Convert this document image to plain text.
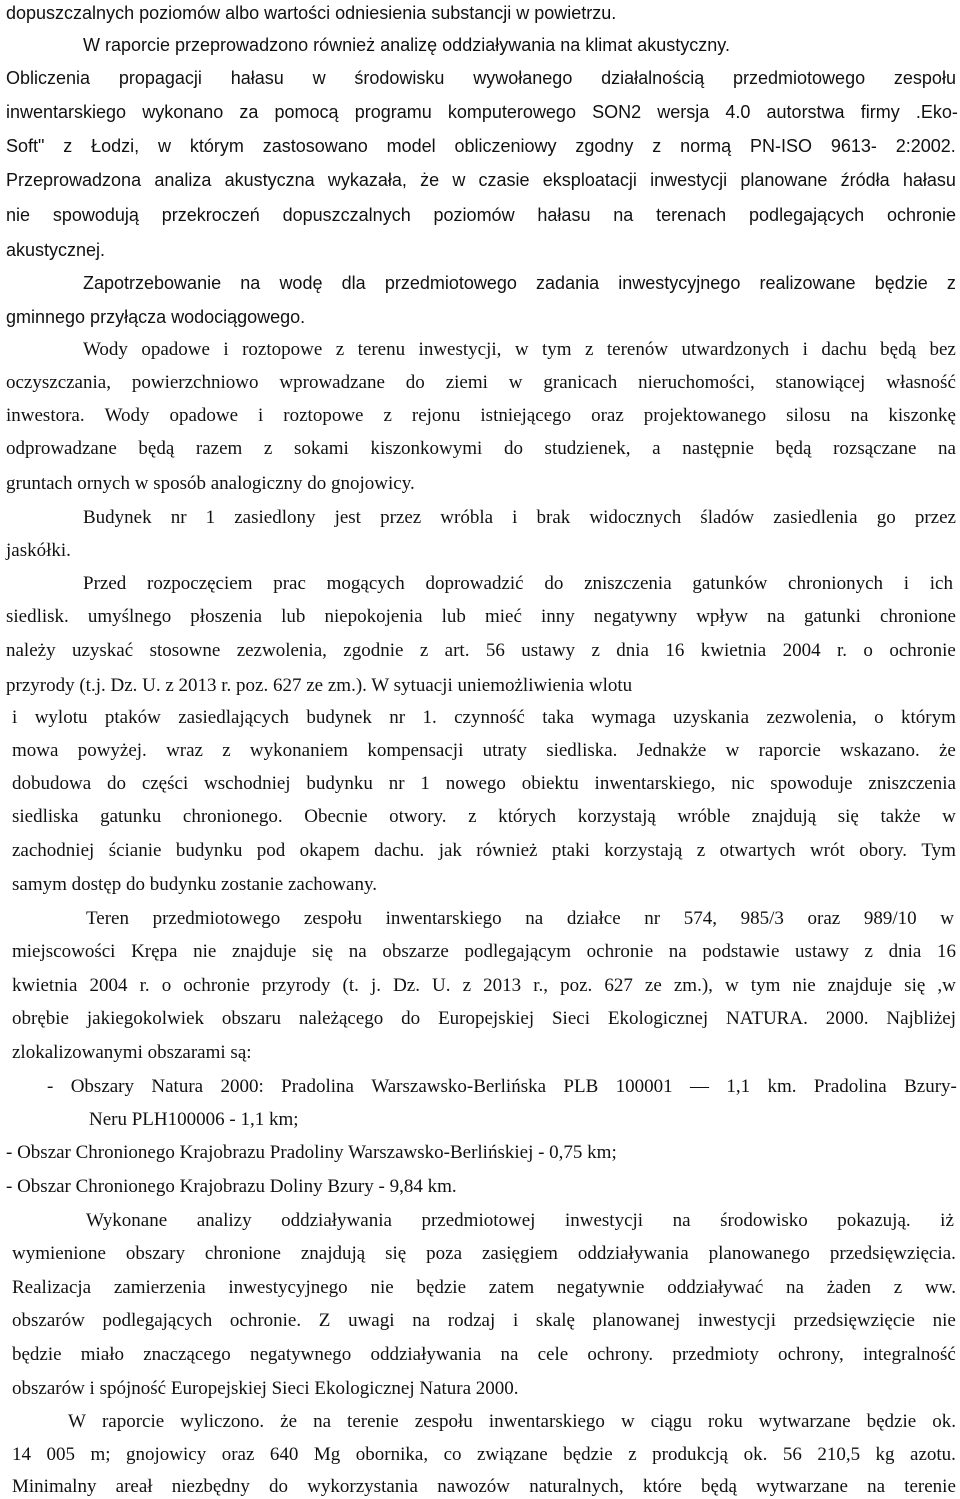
dopuszczalnych poziomów albo wartości odniesienia substancji w powietrzu.
W raporcie przeprowadzono również analizę oddziaływania na klimat akustyczny.
Obliczenia propagacji hałasu w środowisku wywołanego działalnością przedmiotowego zespołu
inwentarskiego wykonano za pomocą programu komputerowego SON2 wersja 4.0 autorstwa firmy .Eko-
Soft" z Łodzi, w którym zastosowano model obliczeniowy zgodny z normą PN-ISO 9613- 2:2002.
Przeprowadzona analiza akustyczna wykazała, że w czasie eksploatacji inwestycji planowane źródła hałasu
nie spowodują przekroczeń dopuszczalnych poziomów hałasu na terenach podlegających ochronie
akustycznej.
Zapotrzebowanie na wodę dla przedmiotowego zadania inwestycyjnego realizowane będzie z
gminnego przyłącza wodociągowego.
Wody opadowe i roztopowe z terenu inwestycji, w tym z terenów utwardzonych i dachu będą bez
oczyszczania, powierzchniowo wprowadzane do ziemi w granicach nieruchomości, stanowiącej własność
inwestora. Wody opadowe i roztopowe z rejonu istniejącego oraz projektowanego silosu na kiszonkę
odprowadzane będą razem z sokami kiszonkowymi do studzienek, a następnie będą rozsączane na
gruntach ornych w sposób analogiczny do gnojowicy.
Budynek nr 1 zasiedlony jest przez wróbla i brak widocznych śladów zasiedlenia go przez
jaskółki.
Przed rozpoczęciem prac mogących doprowadzić do zniszczenia gatunków chronionych i ich
siedlisk. umyślnego płoszenia lub niepokojenia lub mieć inny negatywny wpływ na gatunki chronione
należy uzyskać stosowne zezwolenia, zgodnie z art. 56 ustawy z dnia 16 kwietnia 2004 r. o ochronie
przyrody (t.j. Dz. U. z 2013 r. poz. 627 ze zm.). W sytuacji uniemożliwienia wlotu
i wylotu ptaków zasiedlających budynek nr 1. czynność taka wymaga uzyskania zezwolenia, o którym
mowa powyżej. wraz z wykonaniem kompensacji utraty siedliska. Jednakże w raporcie wskazano. że
dobudowa do części wschodniej budynku nr 1 nowego obiektu inwentarskiego, nic spowoduje zniszczenia
siedliska gatunku chronionego. Obecnie otwory. z których korzystają wróble znajdują się także w
zachodniej ścianie budynku pod okapem dachu. jak również ptaki korzystają z otwartych wrót obory. Tym
samym dostęp do budynku zostanie zachowany.
Teren przedmiotowego zespołu inwentarskiego na działce nr 574, 985/3 oraz 989/10 w
miejscowości Krępa nie znajduje się na obszarze podlegającym ochronie na podstawie ustawy z dnia 16
kwietnia 2004 r. o ochronie przyrody (t. j. Dz. U. z 2013 r., poz. 627 ze zm.), w tym nie znajduje się ,w
obrębie jakiegokolwiek obszaru należącego do Europejskiej Sieci Ekologicznej NATURA. 2000. Najbliżej
zlokalizowanymi obszarami są:
- Obszary Natura 2000: Pradolina Warszawsko-Berlińska PLB 100001 — 1,1 km. Pradolina Bzury-
Neru PLH100006 - 1,1 km;
- Obszar Chronionego Krajobrazu Pradoliny Warszawsko-Berlińskiej - 0,75 km;
- Obszar Chronionego Krajobrazu Doliny Bzury - 9,84 km.
Wykonane analizy oddziaływania przedmiotowej inwestycji na środowisko pokazują. iż
wymienione obszary chronione znajdują się poza zasięgiem oddziaływania planowanego przedsięwzięcia.
Realizacja zamierzenia inwestycyjnego nie będzie zatem negatywnie oddziaływać na żaden z ww.
obszarów podlegających ochronie. Z uwagi na rodzaj i skalę planowanej inwestycji przedsięwzięcie nie
będzie miało znaczącego negatywnego oddziaływania na cele ochrony. przedmioty ochrony, integralność
obszarów i spójność Europejskiej Sieci Ekologicznej Natura 2000.
W raporcie wyliczono. że na terenie zespołu inwentarskiego w ciągu roku wytwarzane będzie ok.
14 005 m; gnojowicy oraz 640 Mg obornika, co związane będzie z produkcją ok. 56 210,5 kg azotu.
Minimalny areał niezbędny do wykorzystania nawozów naturalnych, które będą wytwarzane na terenie
